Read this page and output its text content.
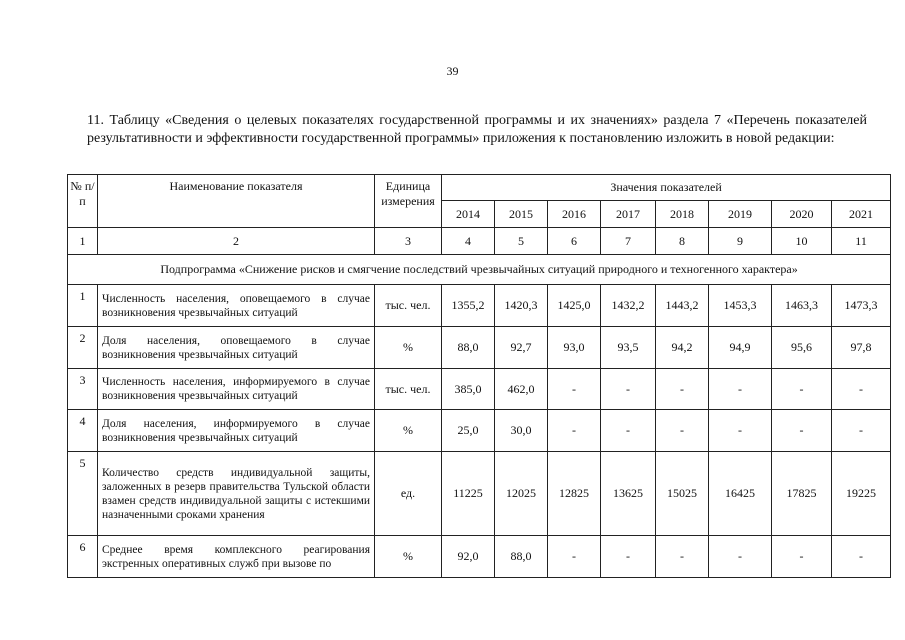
39
11. Таблицу «Сведения о целевых показателях государственной программы и их значениях» раздела 7 «Перечень показателей результативности и эффективности государственной программы» приложения к постановлению изложить в новой редакции:
№ п/п	Наименование показателя	Единица измерения	Значения показателей							
			2014	2015	2016	2017	2018	2019	2020	2021
1	2	3	4	5	6	7	8	9	10	11
Подпрограмма «Снижение рисков и смягчение последствий чрезвычайных ситуаций природного и техногенного характера»										
1	Численность населения, оповещаемого в случае возникновения чрезвычайных ситуаций	тыс. чел.	1355,2	1420,3	1425,0	1432,2	1443,2	1453,3	1463,3	1473,3
2	Доля населения, оповещаемого в случае возникновения чрезвычайных ситуаций	%	88,0	92,7	93,0	93,5	94,2	94,9	95,6	97,8
3	Численность населения, информируемого в случае возникновения чрезвычайных ситуаций	тыс. чел.	385,0	462,0	-	-	-	-	-	-
4	Доля населения, информируемого в случае возникновения чрезвычайных ситуаций	%	25,0	30,0	-	-	-	-	-	-
5	Количество средств индивидуальной защиты, заложенных в резерв правительства Тульской области взамен средств индивидуальной защиты с истекшими назначенными сроками хранения	ед.	11225	12025	12825	13625	15025	16425	17825	19225
6	Среднее время комплексного реагирования экстренных оперативных служб при вызове по	%	92,0	88,0	-	-	-	-	-	-
